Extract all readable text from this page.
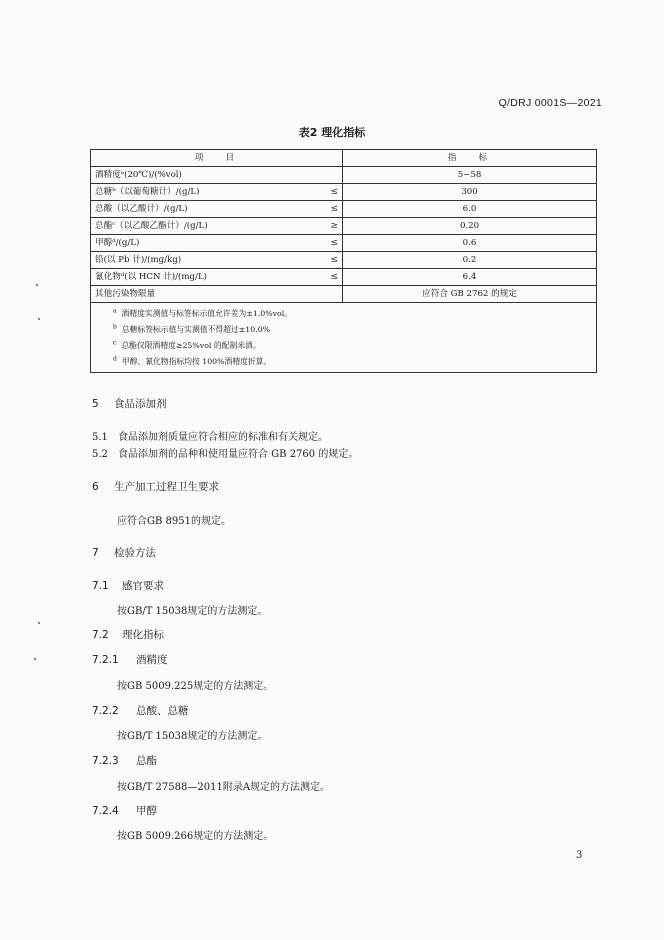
Q/DRJ 0001S—2021
表2 理化指标
项目		指标
酒精度ᵃ(20℃)/(%vol)		5~58
总糖ᵇ（以葡萄糖计）/(g/L)	≤	300
总酸（以乙酸计）/(g/L)	≤	6.0
总酯ᶜ（以乙酸乙酯计）/(g/L)	≥	0.20
甲醇ᵈ/(g/L)	≤	0.6
铅(以 Pb 计)/(mg/kg)	≤	0.2
氰化物ᵈ(以 HCN 计)/(mg/L)	≤	6.4
其他污染物限量		应符合 GB 2762 的规定

$^a$ 酒精度实测值与标签标示值允许差为±1.0%vol。
$^b$ 总糖标签标示值与实测值不得超过±10.0%
$^c$ 总酯仅限酒精度≥25%vol 的配制米酒。
$^d$ 甲醇、氰化物指标均按 100%酒精度折算。		
5 食品添加剂
5.1 食品添加剂质量应符合相应的标准和有关规定。
5.2 食品添加剂的品种和使用量应符合 GB 2760 的规定。
6 生产加工过程卫生要求
应符合GB 8951的规定。
7 检验方法
7.1 感官要求
按GB/T 15038规定的方法测定。
7.2 理化指标
7.2.1 酒精度
按GB 5009.225规定的方法测定。
7.2.2 总酸、总糖
按GB/T 15038规定的方法测定。
7.2.3 总酯
按GB/T 27588—2011附录A规定的方法测定。
7.2.4 甲醇
按GB 5009.266规定的方法测定。
3
